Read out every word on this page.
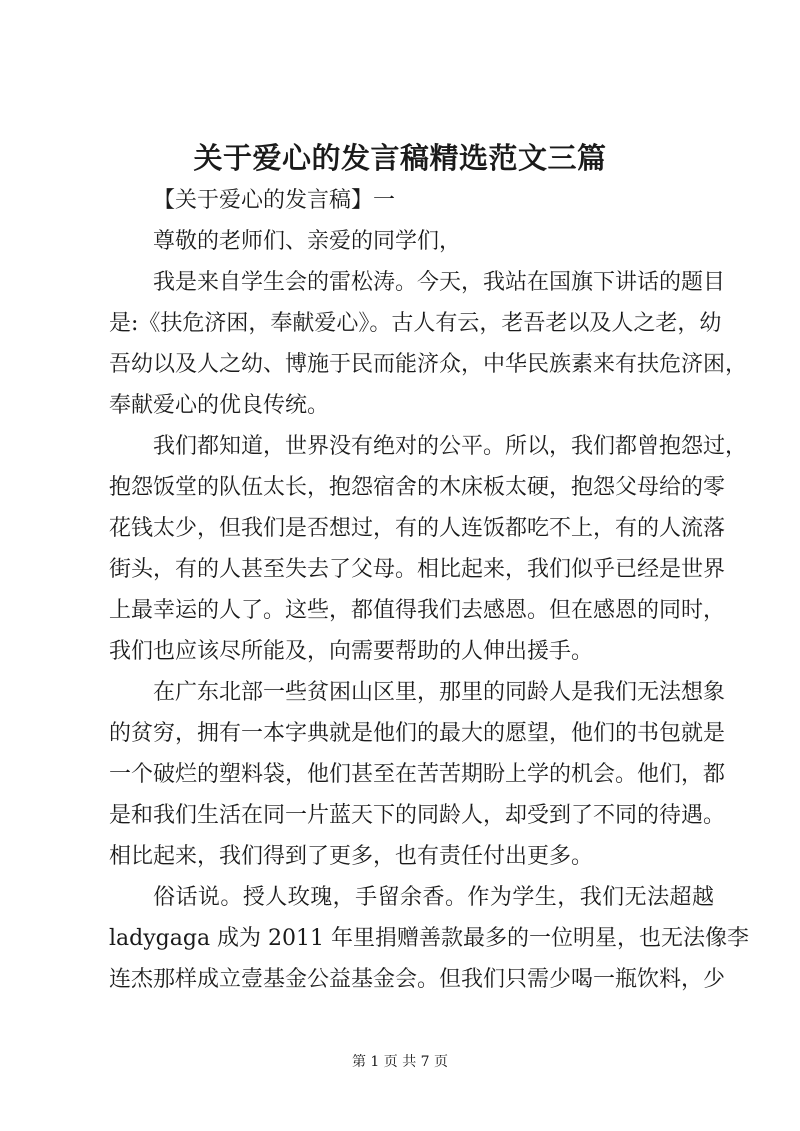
关于爱心的发言稿精选范文三篇
【关于爱心的发言稿】一
尊敬的老师们、亲爱的同学们，
我是来自学生会的雷松涛。今天，我站在国旗下讲话的题目
是:《扶危济困，奉献爱心》。古人有云，老吾老以及人之老，幼
吾幼以及人之幼、博施于民而能济众，中华民族素来有扶危济困，
奉献爱心的优良传统。
我们都知道，世界没有绝对的公平。所以，我们都曾抱怨过，
抱怨饭堂的队伍太长，抱怨宿舍的木床板太硬，抱怨父母给的零
花钱太少，但我们是否想过，有的人连饭都吃不上，有的人流落
街头，有的人甚至失去了父母。相比起来，我们似乎已经是世界
上最幸运的人了。这些，都值得我们去感恩。但在感恩的同时，
我们也应该尽所能及，向需要帮助的人伸出援手。
在广东北部一些贫困山区里，那里的同龄人是我们无法想象
的贫穷，拥有一本字典就是他们的最大的愿望，他们的书包就是
一个破烂的塑料袋，他们甚至在苦苦期盼上学的机会。他们，都
是和我们生活在同一片蓝天下的同龄人，却受到了不同的待遇。
相比起来，我们得到了更多，也有责任付出更多。
俗话说。授人玫瑰，手留余香。作为学生，我们无法超越
ladygaga 成为 2011 年里捐赠善款最多的一位明星，也无法像李
连杰那样成立壹基金公益基金会。但我们只需少喝一瓶饮料，少
第 1 页 共 7 页
